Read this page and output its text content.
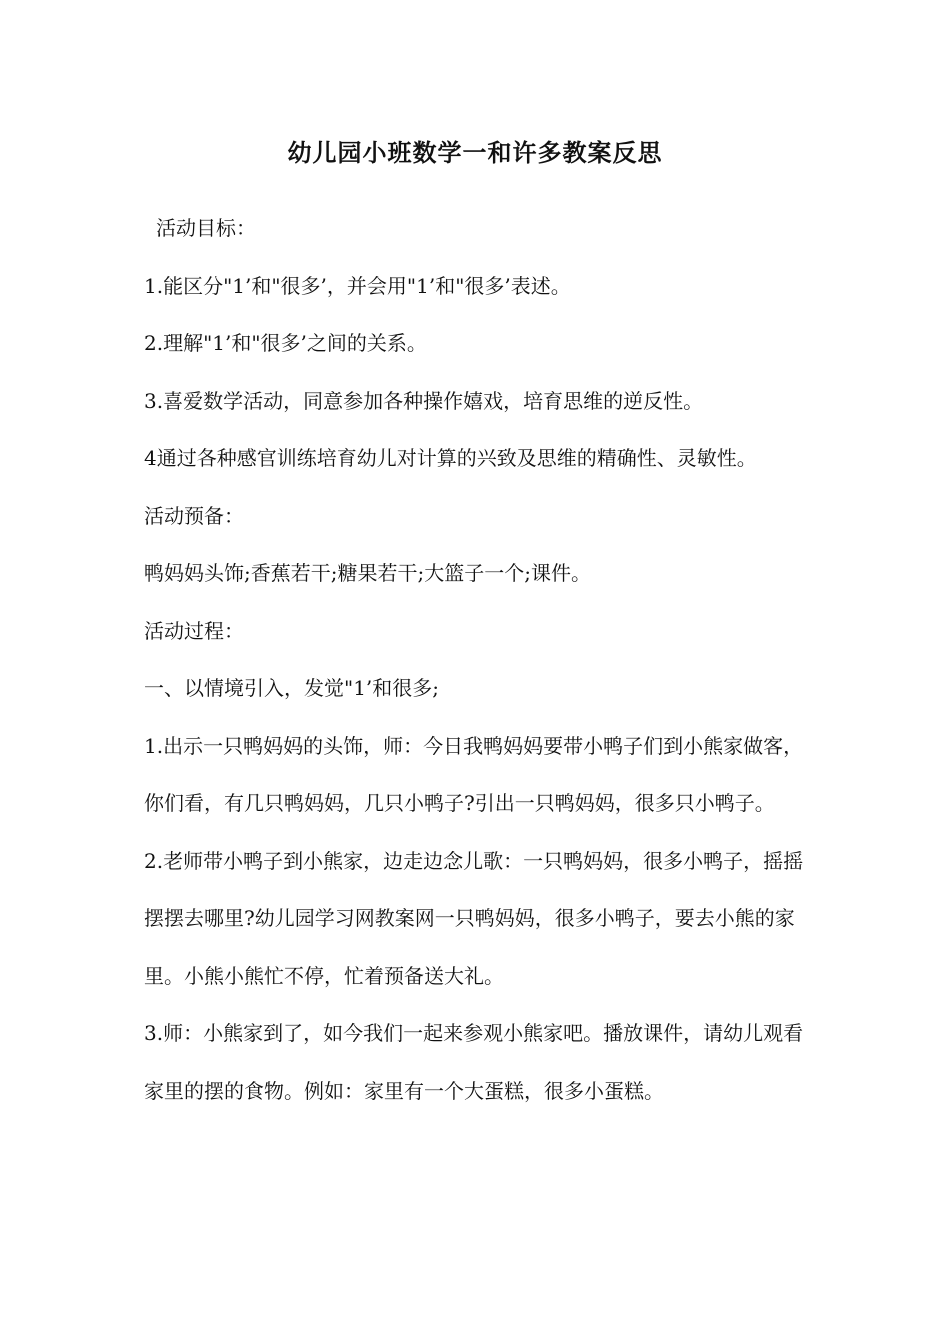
幼儿园小班数学一和许多教案反思

活动目标：

1.能区分"1’和"很多’，并会用"1’和"很多’表述。

2.理解"1’和"很多’之间的关系。

3.喜爱数学活动，同意参加各种操作嬉戏，培育思维的逆反性。

4通过各种感官训练培育幼儿对计算的兴致及思维的精确性、灵敏性。

活动预备：

鸭妈妈头饰;香蕉若干;糖果若干;大篮子一个;课件。

活动过程：

一、以情境引入，发觉"1’和很多;

1.出示一只鸭妈妈的头饰，师：今日我鸭妈妈要带小鸭子们到小熊家做客，你们看，有几只鸭妈妈，几只小鸭子?引出一只鸭妈妈，很多只小鸭子。

2.老师带小鸭子到小熊家，边走边念儿歌：一只鸭妈妈，很多小鸭子，摇摇摆摆去哪里?幼儿园学习网教案网一只鸭妈妈，很多小鸭子，要去小熊的家里。小熊小熊忙不停，忙着预备送大礼。

3.师：小熊家到了，如今我们一起来参观小熊家吧。播放课件，请幼儿观看家里的摆的食物。例如：家里有一个大蛋糕，很多小蛋糕。
